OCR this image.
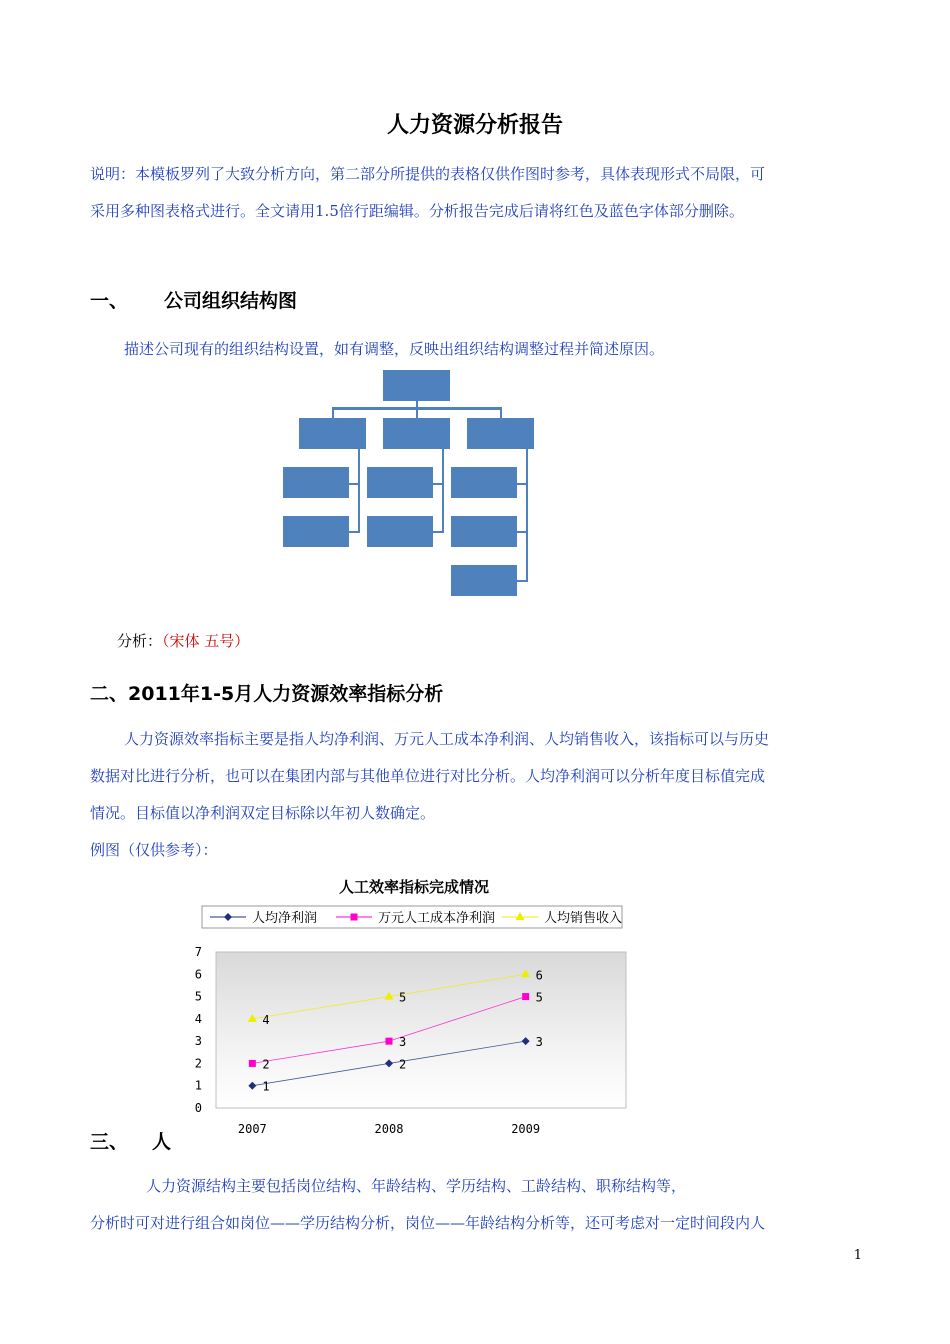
人力资源分析报告
说明：本模板罗列了大致分析方向，第二部分所提供的表格仅供作图时参考，具体表现形式不局限，可
采用多种图表格式进行。全文请用1.5倍行距编辑。分析报告完成后请将红色及蓝色字体部分删除。
一、 公司组织结构图
描述公司现有的组织结构设置，如有调整，反映出组织结构调整过程并简述原因。
分析：（宋体 五号）
二、2011年1-5月人力资源效率指标分析
人力资源效率指标主要是指人均净利润、万元人工成本净利润、人均销售收入，该指标可以与历史
数据对比进行分析，也可以在集团内部与其他单位进行对比分析。人均净利润可以分析年度目标值完成
情况。目标值以净利润双定目标除以年初人数确定。
例图（仅供参考）：
人工效率指标完成情况
人均净利润	万元人工成本净利润	人均销售收入
0
1
2
3
4
5
6
7
2007	2008	2009
1
2
3
2
3
5
4
5
6
三、 人
人力资源结构主要包括岗位结构、年龄结构、学历结构、工龄结构、职称结构等，
分析时可对进行组合如岗位——学历结构分析，岗位——年龄结构分析等，还可考虑对一定时间段内人
1
